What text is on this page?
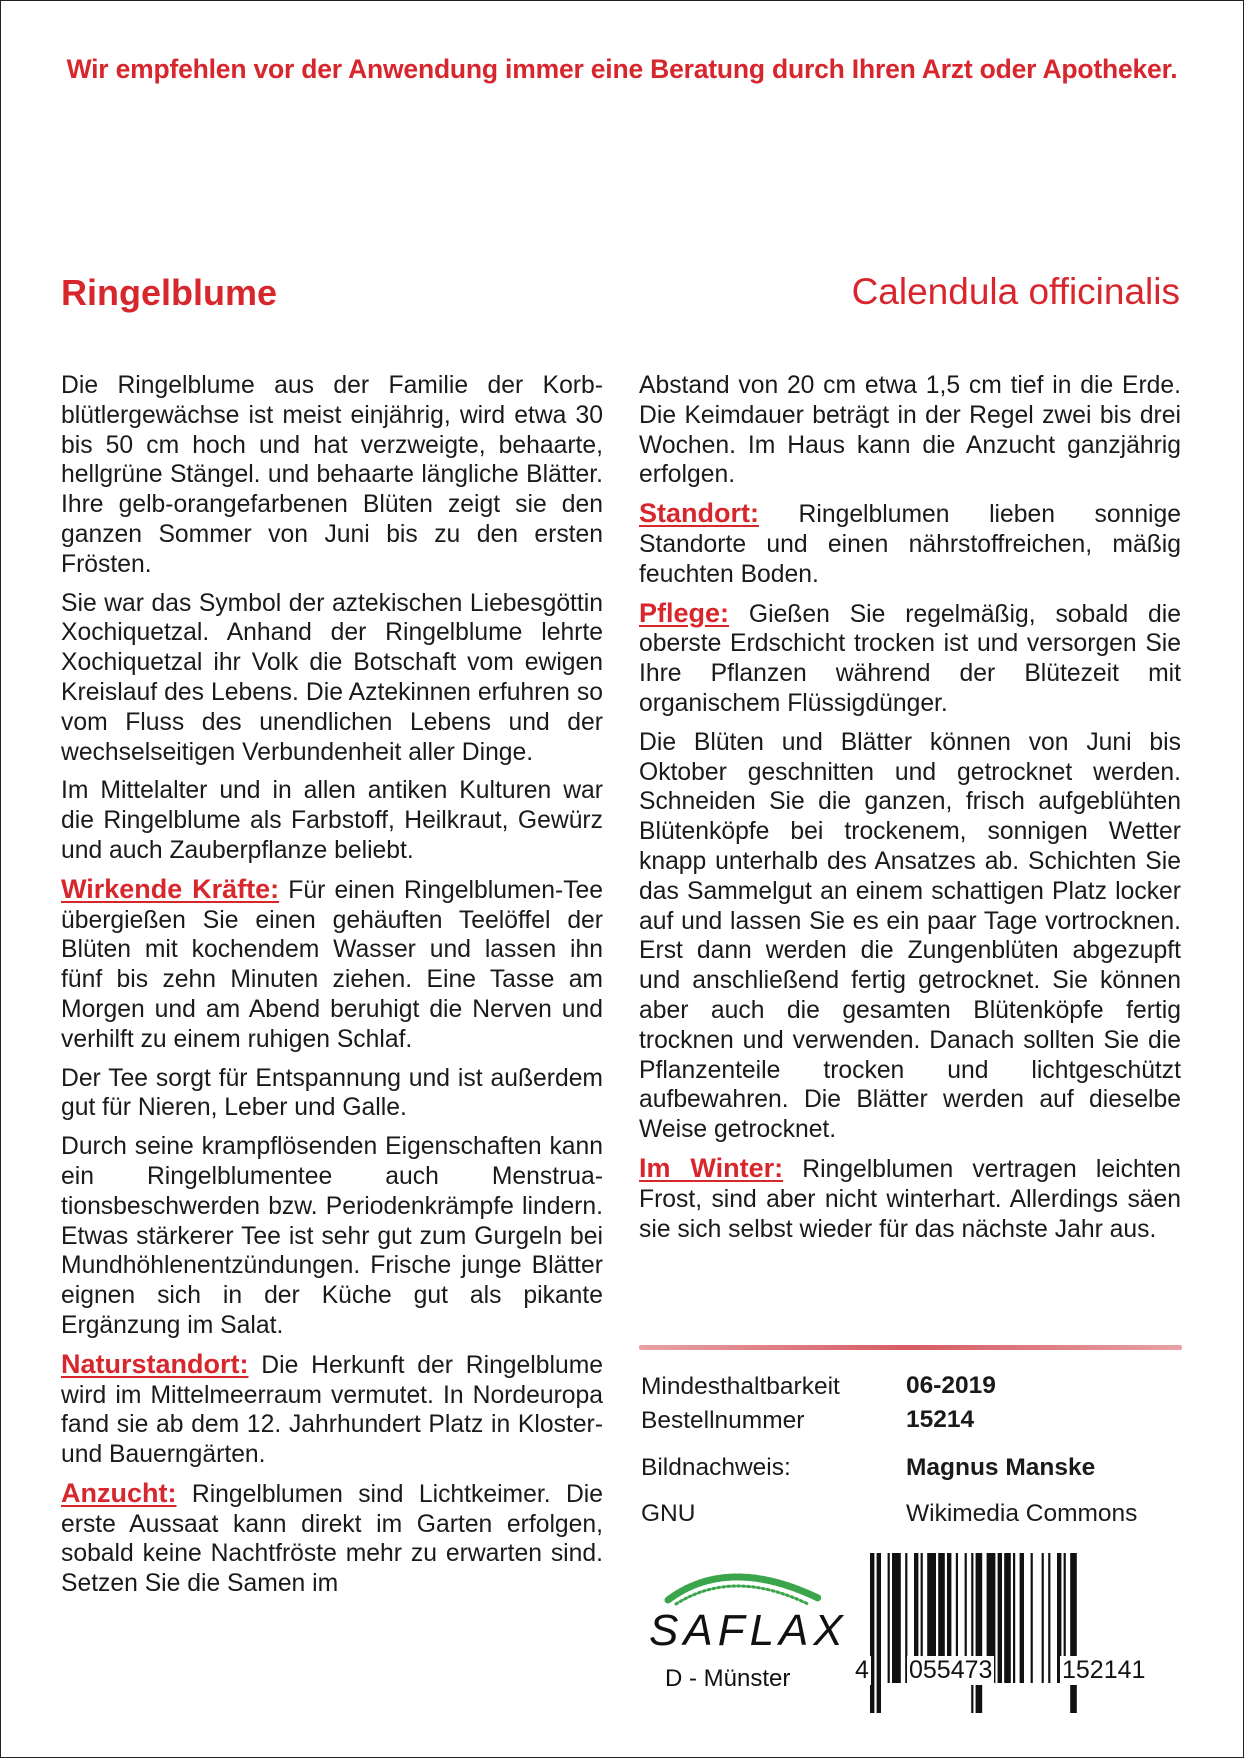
Wir empfehlen vor der Anwendung immer eine Beratung durch Ihren Arzt oder Apotheker.
Ringelblume	Calendula officinalis

Die Ringelblume aus der Familie der Korbblütlergewächse ist meist einjährig, wird etwa 30 bis 50 cm hoch und hat verzweigte, behaarte, hellgrüne Stängel. und behaarte längliche Blätter. Ihre gelb-orangefarbenen Blüten zeigt sie den ganzen Sommer von Juni bis zu den ersten Frösten.

Sie war das Symbol der aztekischen Liebesgöttin Xochiquetzal. Anhand der Ringelblume lehrte Xochiquetzal ihr Volk die Botschaft vom ewigen Kreislauf des Lebens. Die Aztekinnen erfuhren so vom Fluss des unendlichen Lebens und der wechselseitigen Verbundenheit aller Dinge.

Im Mittelalter und in allen antiken Kulturen war die Ringelblume als Farbstoff, Heilkraut, Gewürz und auch Zauberpflanze beliebt.

Wirkende Kräfte: Für einen Ringelblumen-Tee übergießen Sie einen gehäuften Teelöffel der Blüten mit kochendem Wasser und lassen ihn fünf bis zehn Minuten ziehen. Eine Tasse am Morgen und am Abend beruhigt die Nerven und verhilft zu einem ruhigen Schlaf.

Der Tee sorgt für Entspannung und ist außerdem gut für Nieren, Leber und Galle.

Durch seine krampflösenden Eigenschaften kann ein Ringelblumentee auch Menstruationsbeschwerden bzw. Periodenkrämpfe lindern. Etwas stärkerer Tee ist sehr gut zum Gurgeln bei Mundhöhlenentzündungen. Frische junge Blätter eignen sich in der Küche gut als pikante Ergänzung im Salat.

Naturstandort: Die Herkunft der Ringelblume wird im Mittelmeerraum vermutet. In Nordeuropa fand sie ab dem 12. Jahrhundert Platz in Kloster- und Bauerngärten.

Anzucht: Ringelblumen sind Lichtkeimer. Die erste Aussaat kann direkt im Garten erfolgen, sobald keine Nachtfröste mehr zu erwarten sind. Setzen Sie die Samen im

Abstand von 20 cm etwa 1,5 cm tief in die Erde. Die Keimdauer beträgt in der Regel zwei bis drei Wochen. Im Haus kann die Anzucht ganzjährig erfolgen.

Standort: Ringelblumen lieben sonnige Standorte und einen nährstoffreichen, mäßig feuchten Boden.

Pflege: Gießen Sie regelmäßig, sobald die oberste Erdschicht trocken ist und versorgen Sie Ihre Pflanzen während der Blütezeit mit organischem Flüssigdünger.

Die Blüten und Blätter können von Juni bis Oktober geschnitten und getrocknet werden. Schneiden Sie die ganzen, frisch aufgeblühten Blütenköpfe bei trockenem, sonnigen Wetter knapp unterhalb des Ansatzes ab. Schichten Sie das Sammelgut an einem schattigen Platz locker auf und lassen Sie es ein paar Tage vortrocknen. Erst dann werden die Zungenblüten abgezupft und anschließend fertig getrocknet. Sie können aber auch die gesamten Blütenköpfe fertig trocknen und verwenden. Danach sollten Sie die Pflanzenteile trocken und lichtgeschützt aufbewahren. Die Blätter werden auf dieselbe Weise getrocknet.

Im Winter: Ringelblumen vertragen leichten Frost, sind aber nicht winterhart. Allerdings säen sie sich selbst wieder für das nächste Jahr aus.

Mindesthaltbarkeit	06-2019
Bestellnummer	15214
Bildnachweis:	Magnus Manske
GNU	Wikimedia Commons
SAFLAX
D - Münster	4 055473	152141
